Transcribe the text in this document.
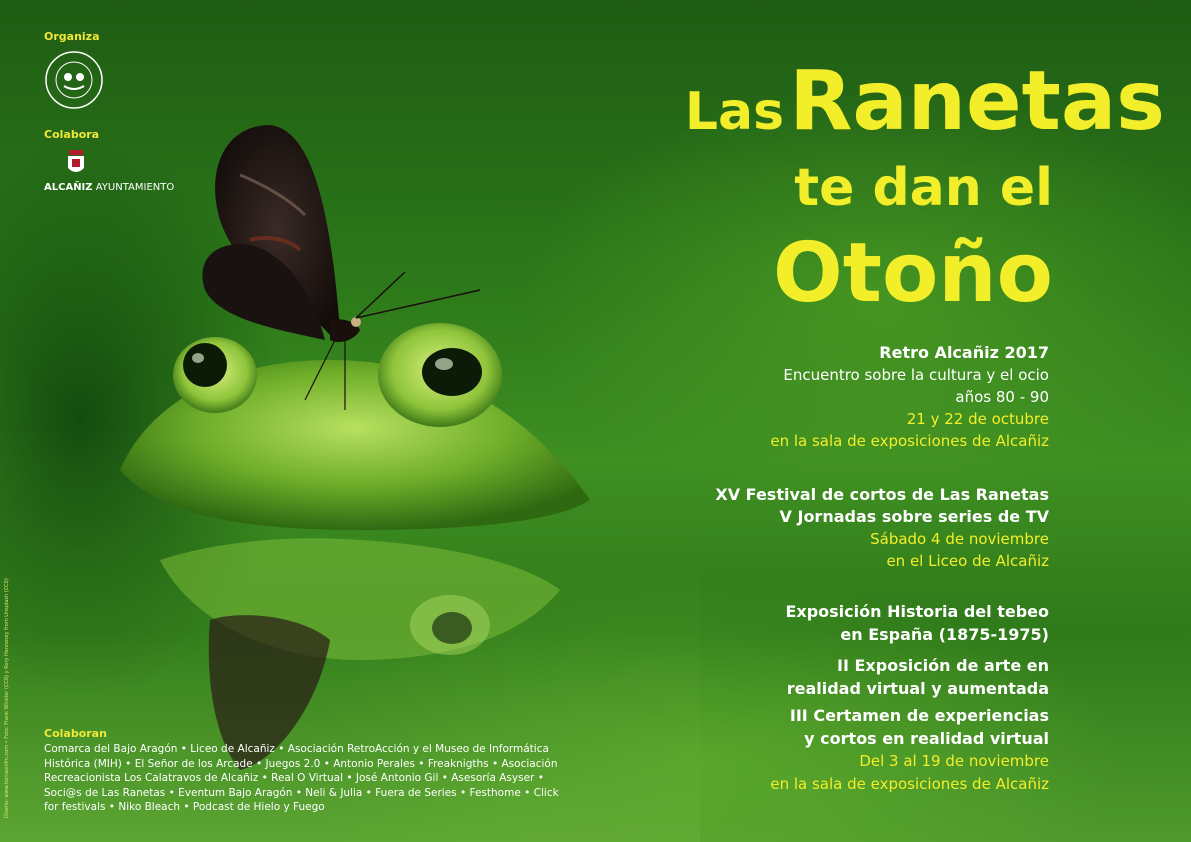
Organiza
Colabora
ALCAÑIZ AYUNTAMIENTO
Las Ranetas
te dan el
Otoño
Retro Alcañiz 2017
Encuentro sobre la cultura y el ocio
años 80 - 90
21 y 22 de octubre
en la sala de exposiciones de Alcañiz
XV Festival de cortos de Las Ranetas
V Jornadas sobre series de TV
Sábado 4 de noviembre
en el Liceo de Alcañiz
Exposición Historia del tebeo
en España (1875-1975)
II Exposición de arte en
realidad virtual y aumentada
III Certamen de experiencias
y cortos en realidad virtual
Del 3 al 19 de noviembre
en la sala de exposiciones de Alcañiz
Colaboran
Comarca del Bajo Aragón • Liceo de Alcañiz • Asociación RetroAcción y el Museo de Informática Histórica (MIH) • El Señor de los Arcade • Juegos 2.0 • Antonio Perales • Freaknigths • Asociación Recreacionista Los Calatravos de Alcañiz • Real O Virtual • José Antonio Gil • Asesoría Asyser • Soci@s de Las Ranetas • Eventum Bajo Aragón • Neli & Julia • Fuera de Series • Festhome • Click for festivals • Niko Bleach • Podcast de Hielo y Fuego
Diseño: www.tierrasinfin.com • Foto: Frank Winkler (CC0) y Rory Hennessy from Unsplash (CC0)
